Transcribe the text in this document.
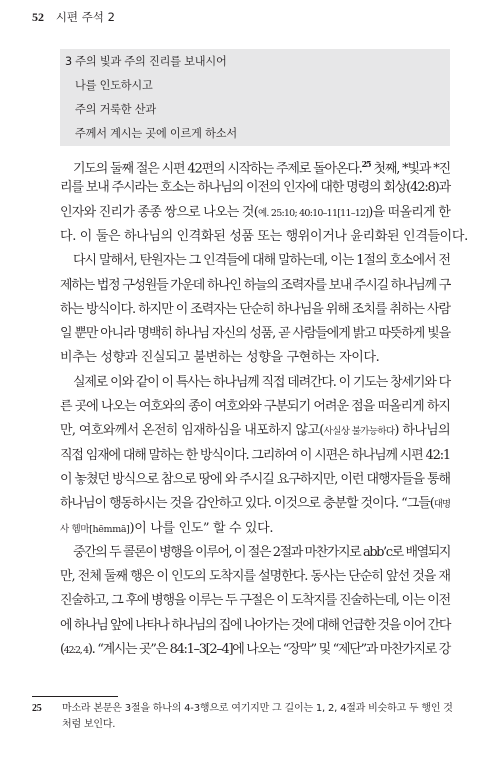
52 시편 주석 2
3 주의 빛과 주의 진리를 보내시어
나를 인도하시고
주의 거룩한 산과
주께서 계시는 곳에 이르게 하소서
기도의 둘째 절은 시편 42편의 시작하는 주제로 돌아온다.$^{25}$ 첫째, *빛과 *진
리를 보내 주시라는 호소는 하나님의 이전의 인자에 대한 명령의 회상(42:8)과
인자와 진리가 종종 쌍으로 나오는 것(예. 25:10; 40:10–11[11–12])을 떠올리게 한
다. 이 둘은 하나님의 인격화된 성품 또는 행위이거나 윤리화된 인격들이다.
다시 말해서, 탄원자는 그 인격들에 대해 말하는데, 이는 1절의 호소에서 전
제하는 법정 구성원들 가운데 하나인 하늘의 조력자를 보내 주시길 하나님께 구
하는 방식이다. 하지만 이 조력자는 단순히 하나님을 위해 조치를 취하는 사람
일 뿐만 아니라 명백히 하나님 자신의 성품, 곧 사람들에게 밝고 따뜻하게 빛을
비추는 성향과 진실되고 불변하는 성향을 구현하는 자이다.
실제로 이와 같이 이 특사는 하나님께 직접 데려간다. 이 기도는 창세기와 다
른 곳에 나오는 여호와의 종이 여호와와 구분되기 어려운 점을 떠올리게 하지
만, 여호와께서 온전히 임재하심을 내포하지 않고(사실상 불가능하다) 하나님의
직접 임재에 대해 말하는 한 방식이다. 그리하여 이 시편은 하나님께 시편 42:1
이 놓쳤던 방식으로 참으로 땅에 와 주시길 요구하지만, 이런 대행자들을 통해
하나님이 행동하시는 것을 감안하고 있다. 이것으로 충분할 것이다. “그들(대명
사 헴마[hēmmā])이 나를 인도” 할 수 있다.
중간의 두 콜론이 병행을 이루어, 이 절은 2절과 마찬가지로 abb’c로 배열되지
만, 전체 둘째 행은 이 인도의 도착지를 설명한다. 동사는 단순히 앞선 것을 재
진술하고, 그 후에 병행을 이루는 두 구절은 이 도착지를 진술하는데, 이는 이전
에 하나님 앞에 나타나 하나님의 집에 나아가는 것에 대해 언급한 것을 이어 간다
(42:2, 4). “계시는 곳”은 84:1–3[2–4]에 나오는 “장막” 및 “제단”과 마찬가지로 강
25 마소라 본문은 3절을 하나의 4-3행으로 여기지만 그 길이는 1, 2, 4절과 비슷하고 두 행인 것처럼 보인다.
